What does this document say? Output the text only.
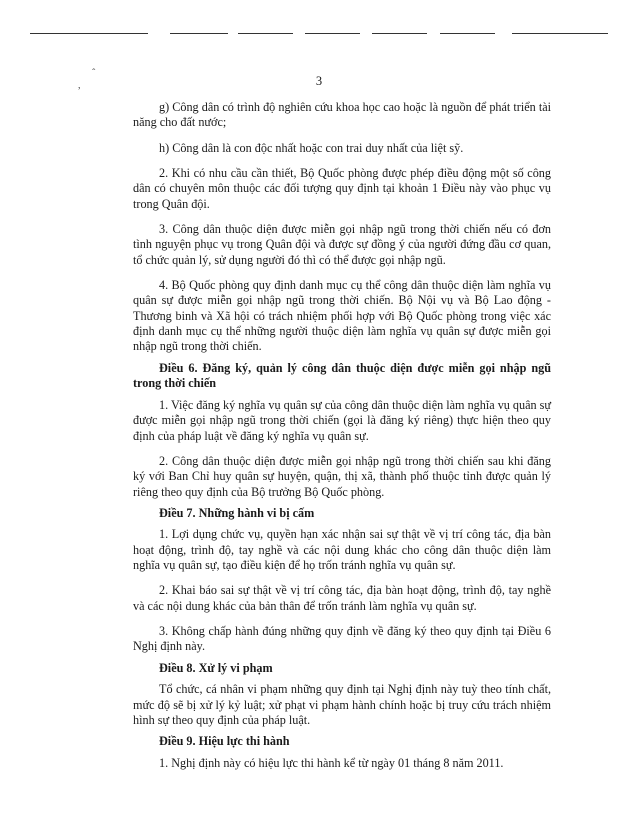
ˆ
,	3

g) Công dân có trình độ nghiên cứu khoa học cao hoặc là nguồn để phát triển tài năng cho đất nước;

h) Công dân là con độc nhất hoặc con trai duy nhất của liệt sỹ.

2. Khi có nhu cầu cần thiết, Bộ Quốc phòng được phép điều động một số công dân có chuyên môn thuộc các đối tượng quy định tại khoản 1 Điều này vào phục vụ trong Quân đội.

3. Công dân thuộc diện được miễn gọi nhập ngũ trong thời chiến nếu có đơn tình nguyện phục vụ trong Quân đội và được sự đồng ý của người đứng đầu cơ quan, tổ chức quản lý, sử dụng người đó thì có thể được gọi nhập ngũ.

4. Bộ Quốc phòng quy định danh mục cụ thể công dân thuộc diện làm nghĩa vụ quân sự được miễn gọi nhập ngũ trong thời chiến. Bộ Nội vụ và Bộ Lao động - Thương binh và Xã hội có trách nhiệm phối hợp với Bộ Quốc phòng trong việc xác định danh mục cụ thể những người thuộc diện làm nghĩa vụ quân sự được miễn gọi nhập ngũ trong thời chiến.

Điều 6. Đăng ký, quản lý công dân thuộc diện được miễn gọi nhập ngũ trong thời chiến

1. Việc đăng ký nghĩa vụ quân sự của công dân thuộc diện làm nghĩa vụ quân sự được miễn gọi nhập ngũ trong thời chiến (gọi là đăng ký riêng) thực hiện theo quy định của pháp luật về đăng ký nghĩa vụ quân sự.

2. Công dân thuộc diện được miễn gọi nhập ngũ trong thời chiến sau khi đăng ký với Ban Chỉ huy quân sự huyện, quận, thị xã, thành phố thuộc tỉnh được quản lý riêng theo quy định của Bộ trưởng Bộ Quốc phòng.

Điều 7. Những hành vi bị cấm

1. Lợi dụng chức vụ, quyền hạn xác nhận sai sự thật về vị trí công tác, địa bàn hoạt động, trình độ, tay nghề và các nội dung khác cho công dân thuộc diện làm nghĩa vụ quân sự, tạo điều kiện để họ trốn tránh nghĩa vụ quân sự.

2. Khai báo sai sự thật về vị trí công tác, địa bàn hoạt động, trình độ, tay nghề và các nội dung khác của bản thân để trốn tránh làm nghĩa vụ quân sự.

3. Không chấp hành đúng những quy định về đăng ký theo quy định tại Điều 6 Nghị định này.

Điều 8. Xử lý vi phạm

Tổ chức, cá nhân vi phạm những quy định tại Nghị định này tuỳ theo tính chất, mức độ sẽ bị xử lý kỷ luật; xử phạt vi phạm hành chính hoặc bị truy cứu trách nhiệm hình sự theo quy định của pháp luật.

Điều 9. Hiệu lực thi hành

1. Nghị định này có hiệu lực thi hành kể từ ngày 01 tháng 8 năm 2011.
